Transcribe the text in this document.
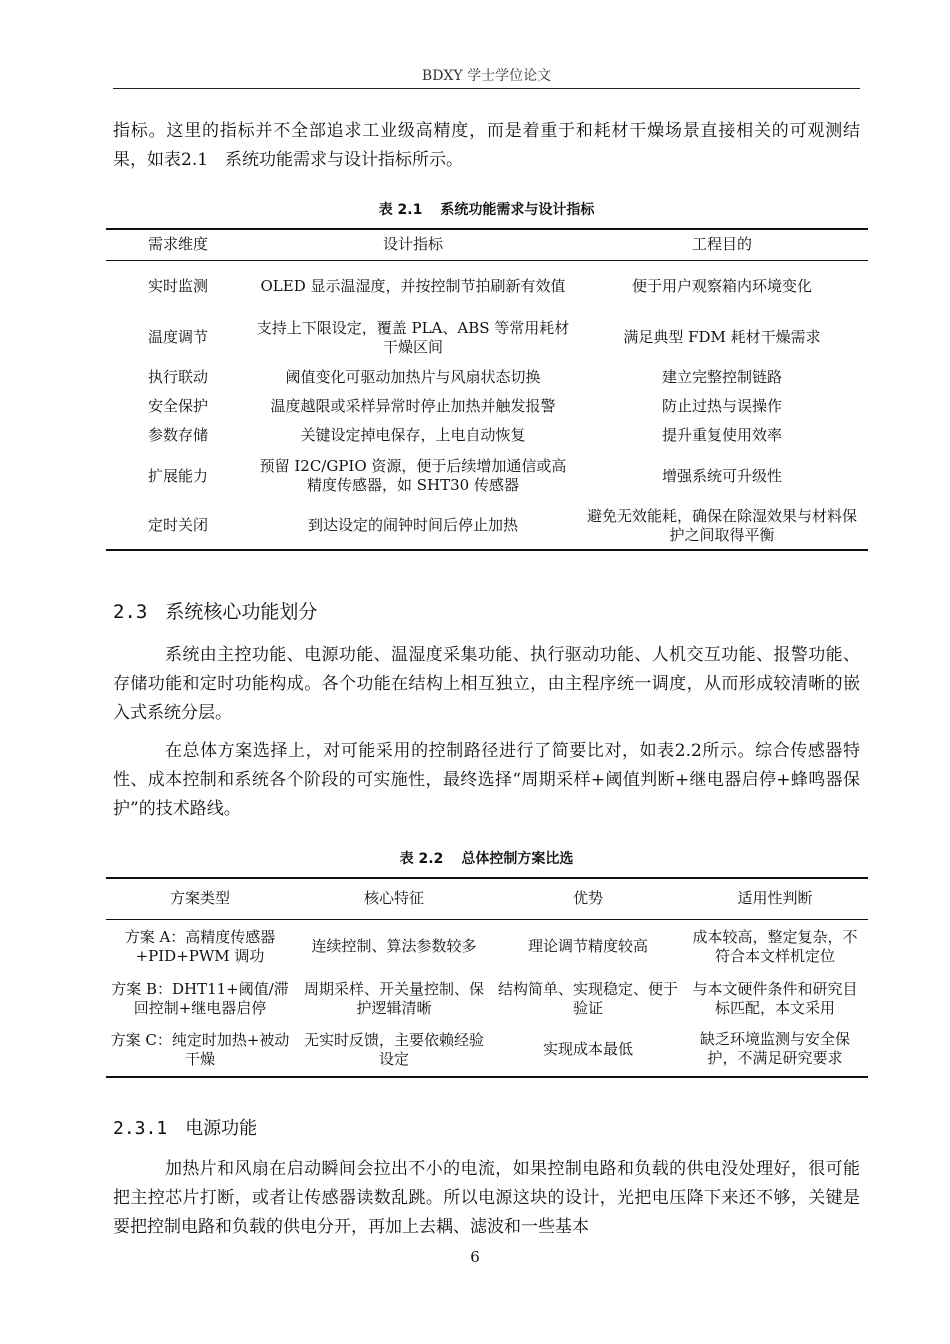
BDXY 学士学位论文

指标。这里的指标并不全部追求工业级高精度，而是着重于和耗材干燥场景直接相关的可观测结果，如表2.1　系统功能需求与设计指标所示。

表 2.1 系统功能需求与设计指标
需求维度	设计指标	工程目的
实时监测	OLED 显示温湿度，并按控制节拍刷新有效值	便于用户观察箱内环境变化
温度调节	支持上下限设定，覆盖 PLA、ABS 等常用耗材干燥区间	满足典型 FDM 耗材干燥需求
执行联动	阈值变化可驱动加热片与风扇状态切换	建立完整控制链路
安全保护	温度越限或采样异常时停止加热并触发报警	防止过热与误操作
参数存储	关键设定掉电保存，上电自动恢复	提升重复使用效率
扩展能力	预留 I2C/GPIO 资源，便于后续增加通信或高精度传感器，如 SHT30 传感器	增强系统可升级性
定时关闭	到达设定的闹钟时间后停止加热	避免无效能耗，确保在除湿效果与材料保护之间取得平衡
2.3 系统核心功能划分

系统由主控功能、电源功能、温湿度采集功能、执行驱动功能、人机交互功能、报警功能、存储功能和定时功能构成。各个功能在结构上相互独立，由主程序统一调度，从而形成较清晰的嵌入式系统分层。

在总体方案选择上，对可能采用的控制路径进行了简要比对，如表2.2所示。综合传感器特性、成本控制和系统各个阶段的可实施性，最终选择“周期采样+阈值判断+继电器启停+蜂鸣器保护”的技术路线。

表 2.2 总体控制方案比选
方案类型	核心特征	优势	适用性判断

方案 A：高精度传感器+PID+PWM 调功	连续控制、算法参数较多	理论调节精度较高	成本较高，整定复杂，不符合本文样机定位

方案 B：DHT11+阈值/滞回控制+继电器启停	周期采样、开关量控制、保护逻辑清晰	结构简单、实现稳定、便于验证	与本文硬件条件和研究目标匹配，本文采用

方案 C：纯定时加热+被动干燥	无实时反馈，主要依赖经验设定	实现成本最低	缺乏环境监测与安全保护，不满足研究要求
2.3.1 电源功能

加热片和风扇在启动瞬间会拉出不小的电流，如果控制电路和负载的供电没处理好，很可能把主控芯片打断，或者让传感器读数乱跳。所以电源这块的设计，光把电压降下来还不够，关键是要把控制电路和负载的供电分开，再加上去耦、滤波和一些基本

6
